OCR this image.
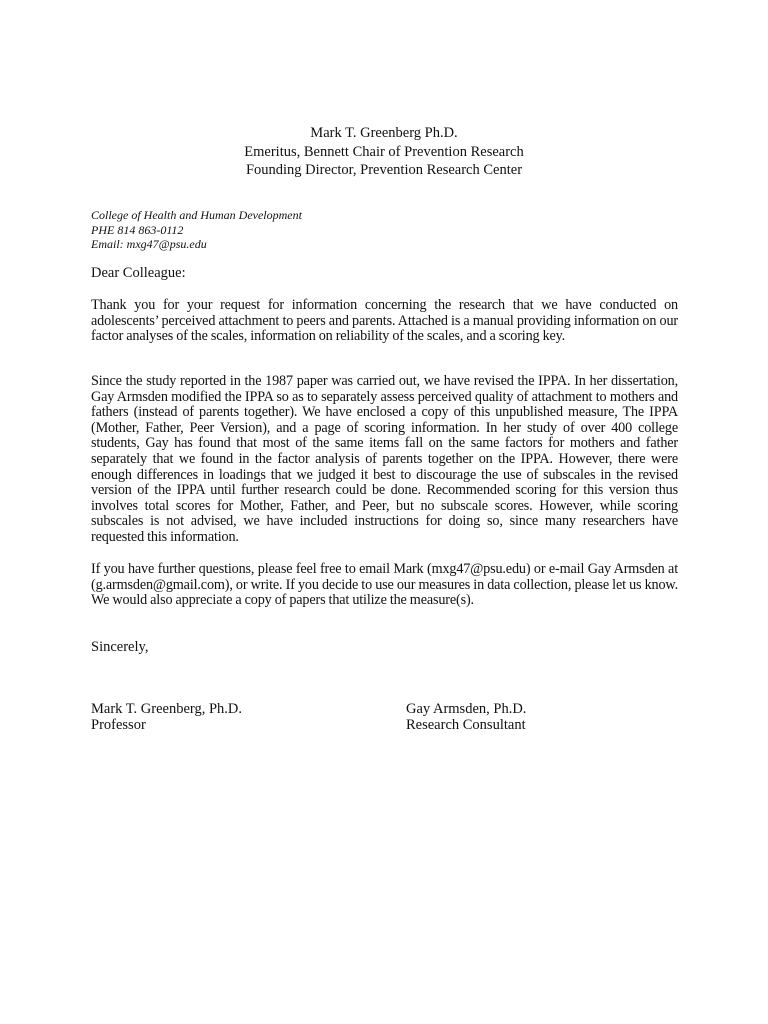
Mark T. Greenberg Ph.D.
Emeritus, Bennett Chair of Prevention Research
Founding Director, Prevention Research Center
College of Health and Human Development
PHE 814 863-0112
Email: mxg47@psu.edu
Dear Colleague:
Thank you for your request for information concerning the research that we have conducted on adolescents’ perceived attachment to peers and parents. Attached is a manual providing information on our factor analyses of the scales, information on reliability of the scales, and a scoring key.
Since the study reported in the 1987 paper was carried out, we have revised the IPPA. In her dissertation, Gay Armsden modified the IPPA so as to separately assess perceived quality of attachment to mothers and fathers (instead of parents together). We have enclosed a copy of this unpublished measure, The IPPA (Mother, Father, Peer Version), and a page of scoring information. In her study of over 400 college students, Gay has found that most of the same items fall on the same factors for mothers and father separately that we found in the factor analysis of parents together on the IPPA. However, there were enough differences in loadings that we judged it best to discourage the use of subscales in the revised version of the IPPA until further research could be done. Recommended scoring for this version thus involves total scores for Mother, Father, and Peer, but no subscale scores. However, while scoring subscales is not advised, we have included instructions for doing so, since many researchers have requested this information.
If you have further questions, please feel free to email Mark (mxg47@psu.edu) or e-mail Gay Armsden at (g.armsden@gmail.com), or write. If you decide to use our measures in data collection, please let us know. We would also appreciate a copy of papers that utilize the measure(s).
Sincerely,
Mark T. Greenberg, Ph.D.
Professor
Gay Armsden, Ph.D.
Research Consultant
